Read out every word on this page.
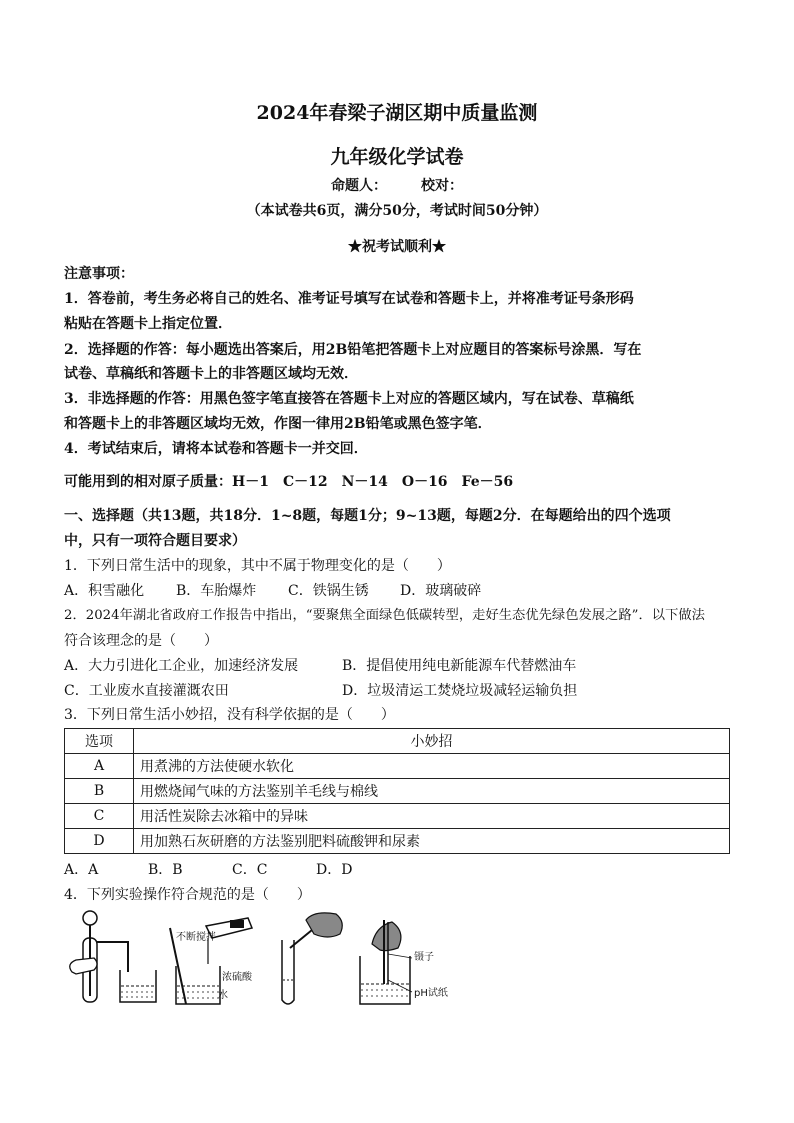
2024年春梁子湖区期中质量监测
九年级化学试卷
命题人： 校对：
（本试卷共6页，满分50分，考试时间50分钟）
★祝考试顺利★
注意事项：
1．答卷前，考生务必将自己的姓名、准考证号填写在试卷和答题卡上，并将准考证号条形码
粘贴在答题卡上指定位置．
2．选择题的作答：每小题选出答案后，用2B铅笔把答题卡上对应题目的答案标号涂黑．写在
试卷、草稿纸和答题卡上的非答题区域均无效．
3．非选择题的作答：用黑色签字笔直接答在答题卡上对应的答题区域内，写在试卷、草稿纸
和答题卡上的非答题区域均无效，作图一律用2B铅笔或黑色签字笔．
4．考试结束后，请将本试卷和答题卡一并交回．
可能用到的相对原子质量：H－1　C－12　N－14　O－16　Fe－56
一、选择题（共13题，共18分．1~8题，每题1分；9~13题，每题2分．在每题给出的四个选项
中，只有一项符合题目要求）
1．下列日常生活中的现象，其中不属于物理变化的是（　　）
A．积雪融化 B．车胎爆炸 C．铁锅生锈 D．玻璃破碎
2．2024年湖北省政府工作报告中指出，“要聚焦全面绿色低碳转型，走好生态优先绿色发展之路”．以下做法
符合该理念的是（　　）
A．大力引进化工企业，加速经济发展	B．提倡使用纯电新能源车代替燃油车
C．工业废水直接灌溉农田	D．垃圾清运工焚烧垃圾减轻运输负担
3．下列日常生活小妙招，没有科学依据的是（　　）
选项	小妙招
A	用煮沸的方法使硬水软化
B	用燃烧闻气味的方法鉴别羊毛线与棉线
C	用活性炭除去冰箱中的异味
D	用加熟石灰研磨的方法鉴别肥料硫酸钾和尿素
A．A	B．B	C．C	D．D
4．下列实验操作符合规范的是（　　）
不断搅拌
浓硫酸
水
镊子
pH试纸
